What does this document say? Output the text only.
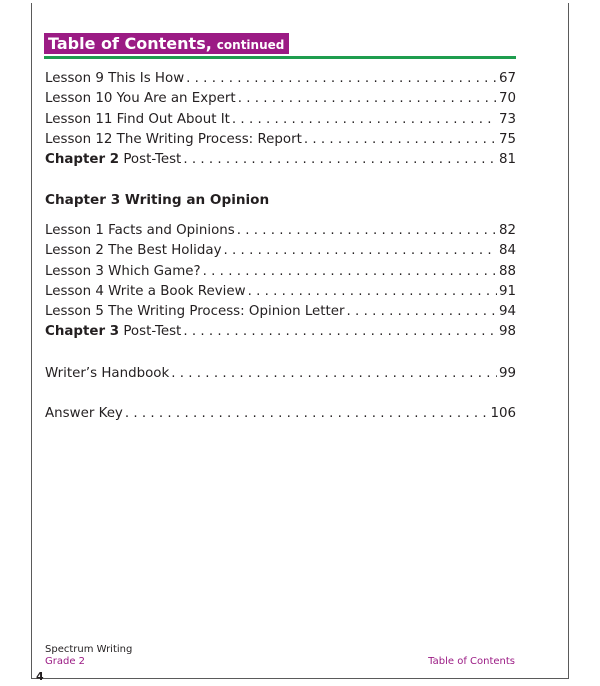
Table of Contents, continued
Lesson 9 This Is How . . .	67
Lesson 10 You Are an Expert . . .	70
Lesson 11 Find Out About It . . .	73
Lesson 12 The Writing Process: Report . . .	75
Chapter 2 Post-Test . . .	81
Chapter 3 Writing an Opinion
Lesson 1 Facts and Opinions . . .	82
Lesson 2 The Best Holiday . . .	84
Lesson 3 Which Game? . . .	88
Lesson 4 Write a Book Review . . .	91
Lesson 5 The Writing Process: Opinion Letter . . .	94
Chapter 3 Post-Test . . .	98
Writer’s Handbook . . .	99
Answer Key . . .	106
Spectrum Writing
Grade 2	Table of Contents
4
